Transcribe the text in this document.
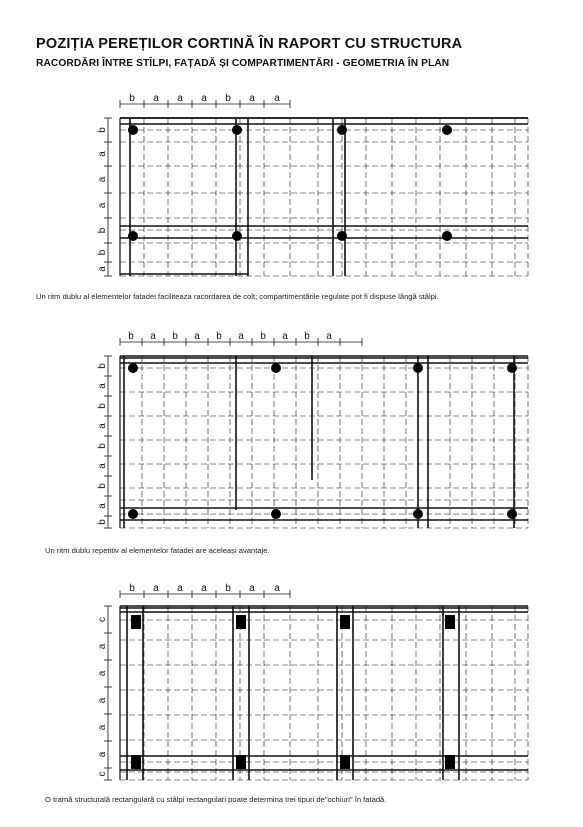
POZIȚIA PEREȚILOR CORTINĂ ÎN RAPORT CU STRUCTURA
RACORDĂRI ÎNTRE STÎLPI, FAȚADĂ ȘI COMPARTIMENTĂRI - GEOMETRIA ÎN PLAN
b a a a b a a
b
a
a
a
b
b
a
b a b a b a b a b a
b
a
b
a
b
a
b
a
b
b a a a b a a
c
a
a
a
a
a
c

Un ritm dublu al elementelor fatadei faciliteaza racordarea de colt; compartimentările regulate pot fi dispuse lângă stâlpi.

Un ritm dublu repetitiv al elementelor fatadei are aceleași avantaje.

O tramă structurală rectangulară cu stâlpi rectangulari poate determina trei tipuri de"ochiuri" în fatadă.
